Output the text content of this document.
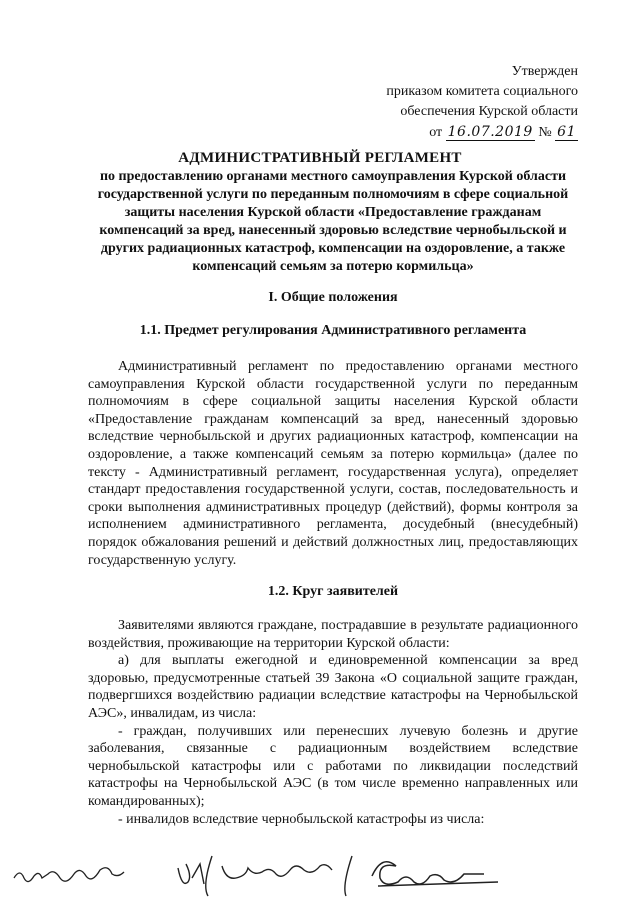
Утвержден
приказом комитета социального
обеспечения Курской области
от 16.07.2019 № 61
АДМИНИСТРАТИВНЫЙ РЕГЛАМЕНТ
по предоставлению органами местного самоуправления Курской области государственной услуги по переданным полномочиям в сфере социальной защиты населения Курской области «Предоставление гражданам компенсаций за вред, нанесенный здоровью вследствие чернобыльской и других радиационных катастроф, компенсации на оздоровление, а также компенсаций семьям за потерю кормильца»
I. Общие положения
1.1. Предмет регулирования Административного регламента

Административный регламент по предоставлению органами местного самоуправления Курской области государственной услуги по переданным полномочиям в сфере социальной защиты населения Курской области «Предоставление гражданам компенсаций за вред, нанесенный здоровью вследствие чернобыльской и других радиационных катастроф, компенсации на оздоровление, а также компенсаций семьям за потерю кормильца» (далее по тексту - Административный регламент, государственная услуга), определяет стандарт предоставления государственной услуги, состав, последовательность и сроки выполнения административных процедур (действий), формы контроля за исполнением административного регламента, досудебный (внесудебный) порядок обжалования решений и действий должностных лиц, предоставляющих государственную услугу.

1.2. Круг заявителей

Заявителями являются граждане, пострадавшие в результате радиационного воздействия, проживающие на территории Курской области:

а) для выплаты ежегодной и единовременной компенсации за вред здоровью, предусмотренные статьей 39 Закона «О социальной защите граждан, подвергшихся воздействию радиации вследствие катастрофы на Чернобыльской АЭС», инвалидам, из числа:

- граждан, получивших или перенесших лучевую болезнь и другие заболевания, связанные с радиационным воздействием вследствие чернобыльской катастрофы или с работами по ликвидации последствий катастрофы на Чернобыльской АЭС (в том числе временно направленных или командированных);

- инвалидов вследствие чернобыльской катастрофы из числа:
